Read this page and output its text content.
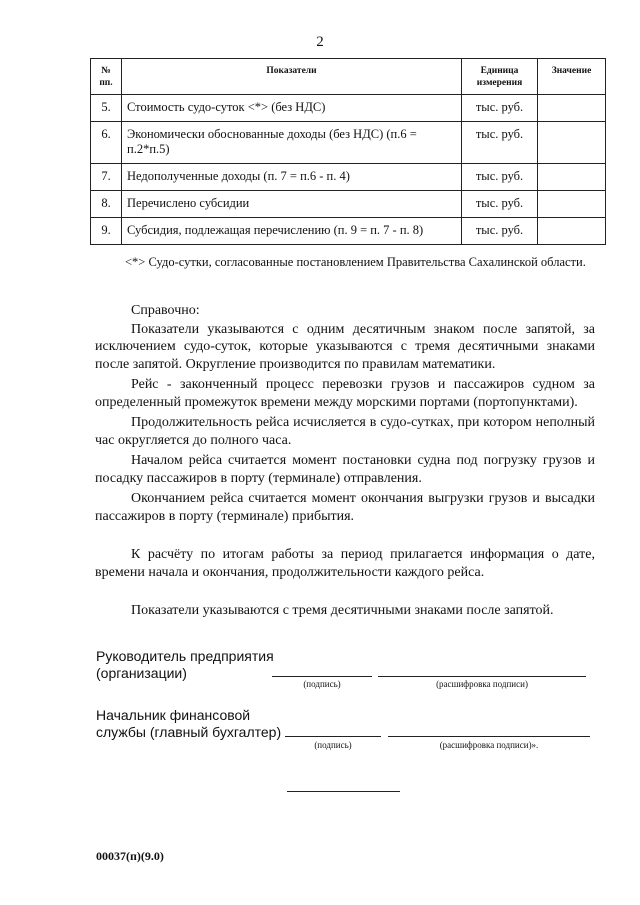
2
№ пп.	Показатели	Единица измерения	Значение
5.	Стоимость судо-суток <*> (без НДС)	тыс. руб.	
6.	Экономически обоснованные доходы (без НДС) (п.6 = п.2*п.5)	тыс. руб.	
7.	Недополученные доходы (п. 7 = п.6 - п. 4)	тыс. руб.	
8.	Перечислено субсидии	тыс. руб.	
9.	Субсидия, подлежащая перечислению (п. 9 = п. 7 - п. 8)	тыс. руб.	
<*> Судо-сутки, согласованные постановлением Правительства Сахалинской области.

Справочно:

Показатели указываются с одним десятичным знаком после запятой, за исключением судо-суток, которые указываются с тремя десятичными знаками после запятой. Округление производится по правилам математики.

Рейс - законченный процесс перевозки грузов и пассажиров судном за определенный промежуток времени между морскими портами (портопунктами).

Продолжительность рейса исчисляется в судо-сутках, при котором неполный час округляется до полного часа.

Началом рейса считается момент постановки судна под погрузку грузов и посадку пассажиров в порту (терминале) отправления.

Окончанием рейса считается момент окончания выгрузки грузов и высадки пассажиров в порту (терминале) прибытия.

К расчёту по итогам работы за период прилагается информация о дате, времени начала и окончания, продолжительности каждого рейса.

Показатели указываются с тремя десятичными знаками после запятой.

Руководитель предприятия
(организации)
(подпись)	(расшифровка подписи)
Начальник финансовой
службы (главный бухгалтер)
(подпись)	(расшифровка подписи)».
00037(п)(9.0)
